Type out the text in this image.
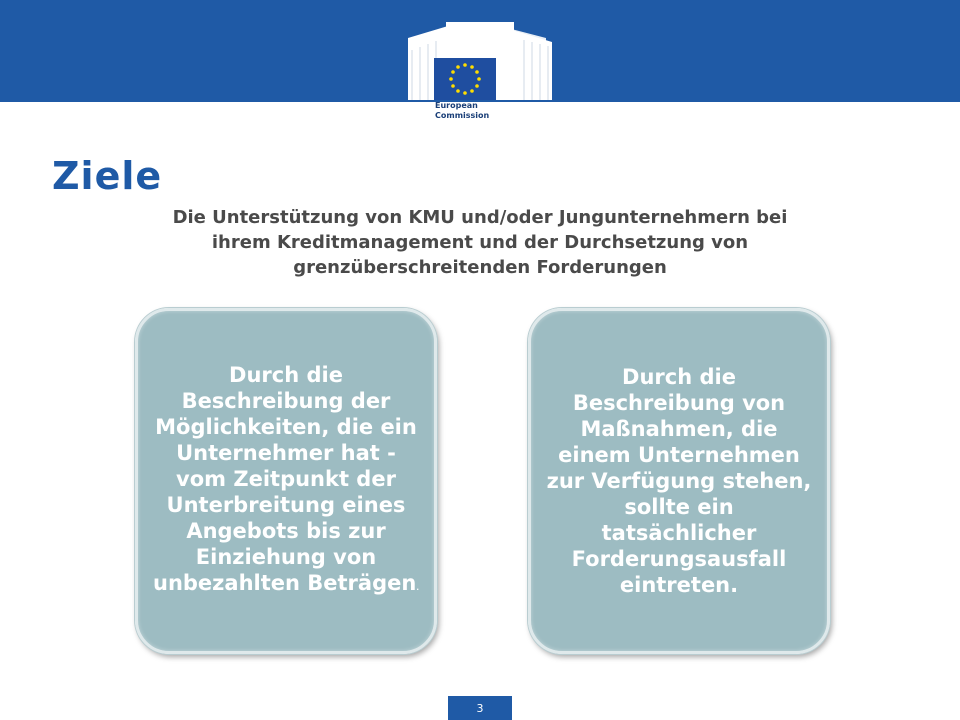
European
Commission
Ziele
Die Unterstützung von KMU und/oder Jungunternehmern bei ihrem Kreditmanagement und der Durchsetzung von grenzüberschreitenden Forderungen
Durch die Beschreibung der Möglichkeiten, die ein Unternehmer hat - vom Zeitpunkt der Unterbreitung eines Angebots bis zur Einziehung von unbezahlten Beträgen.
Durch die Beschreibung von Maßnahmen, die einem Unternehmen zur Verfügung stehen, sollte ein tatsächlicher Forderungsausfall eintreten.
3
